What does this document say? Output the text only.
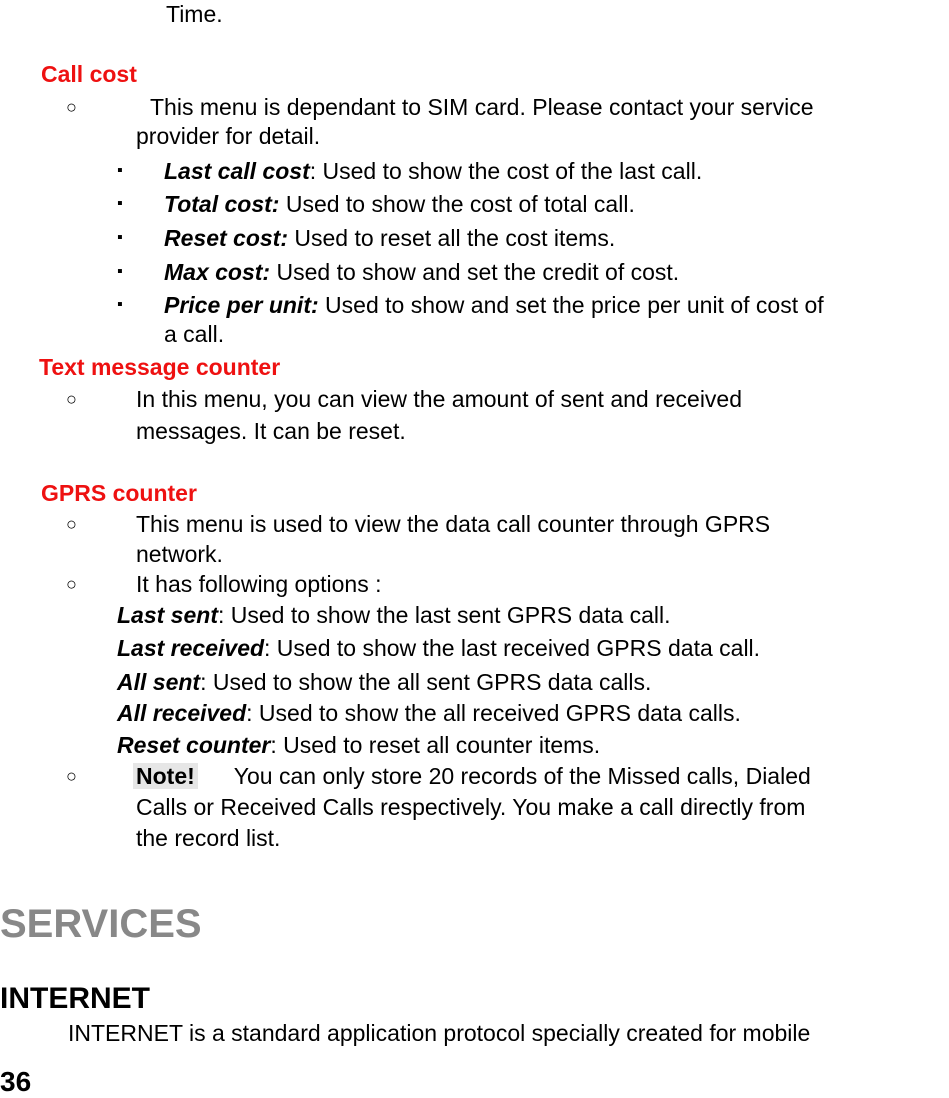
Time.
Call cost
○	This menu is dependant to SIM card. Please contact your service
provider for detail.
▪ Last call cost: Used to show the cost of the last call.
▪ Total cost: Used to show the cost of total call.
▪ Reset cost: Used to reset all the cost items.
▪ Max cost: Used to show and set the credit of cost.
▪ Price per unit: Used to show and set the price per unit of cost of
a call.
Text message counter
○	In this menu, you can view the amount of sent and received
messages. It can be reset.
GPRS counter
○	This menu is used to view the data call counter through GPRS
network.
○	It has following options :
Last sent: Used to show the last sent GPRS data call.
Last received: Used to show the last received GPRS data call.
All sent: Used to show the all sent GPRS data calls.
All received: Used to show the all received GPRS data calls.
Reset counter: Used to reset all counter items.
○	Note! You can only store 20 records of the Missed calls, Dialed
Calls or Received Calls respectively. You make a call directly from
the record list.
SERVICES
INTERNET
INTERNET is a standard application protocol specially created for mobile
36
